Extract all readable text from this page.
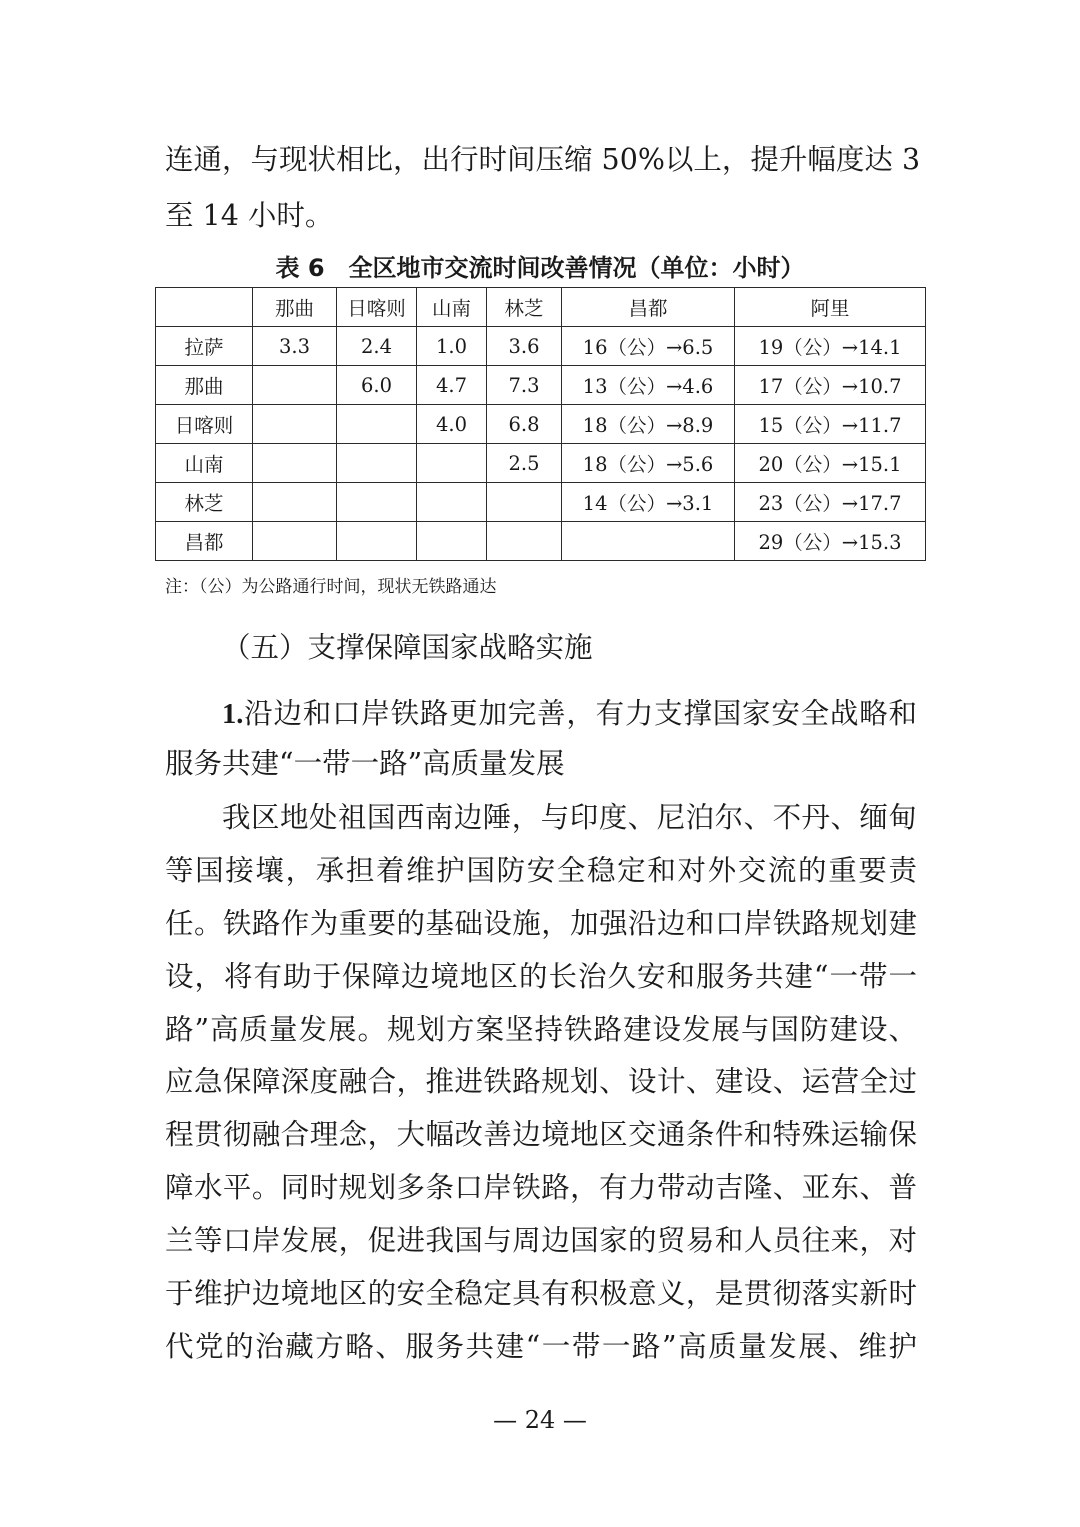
连通，与现状相比，出行时间压缩 50%以上，提升幅度达 3
至 14 小时。
表 6　全区地市交流时间改善情况（单位：小时）
	那曲	日喀则	山南	林芝	昌都	阿里
拉萨	3.3	2.4	1.0	3.6	16（公）→6.5	19（公）→14.1
那曲		6.0	4.7	7.3	13（公）→4.6	17（公）→10.7
日喀则			4.0	6.8	18（公）→8.9	15（公）→11.7
山南				2.5	18（公）→5.6	20（公）→15.1
林芝					14（公）→3.1	23（公）→17.7
昌都						29（公）→15.3
注：（公）为公路通行时间，现状无铁路通达
（五）支撑保障国家战略实施
1.沿边和口岸铁路更加完善，有力支撑国家安全战略和
服务共建“一带一路”高质量发展
我区地处祖国西南边陲，与印度、尼泊尔、不丹、缅甸
等国接壤，承担着维护国防安全稳定和对外交流的重要责
任。铁路作为重要的基础设施，加强沿边和口岸铁路规划建
设，将有助于保障边境地区的长治久安和服务共建“一带一
路”高质量发展。规划方案坚持铁路建设发展与国防建设、
应急保障深度融合，推进铁路规划、设计、建设、运营全过
程贯彻融合理念，大幅改善边境地区交通条件和特殊运输保
障水平。同时规划多条口岸铁路，有力带动吉隆、亚东、普
兰等口岸发展，促进我国与周边国家的贸易和人员往来，对
于维护边境地区的安全稳定具有积极意义，是贯彻落实新时
代党的治藏方略、服务共建“一带一路”高质量发展、维护
— 24 —
